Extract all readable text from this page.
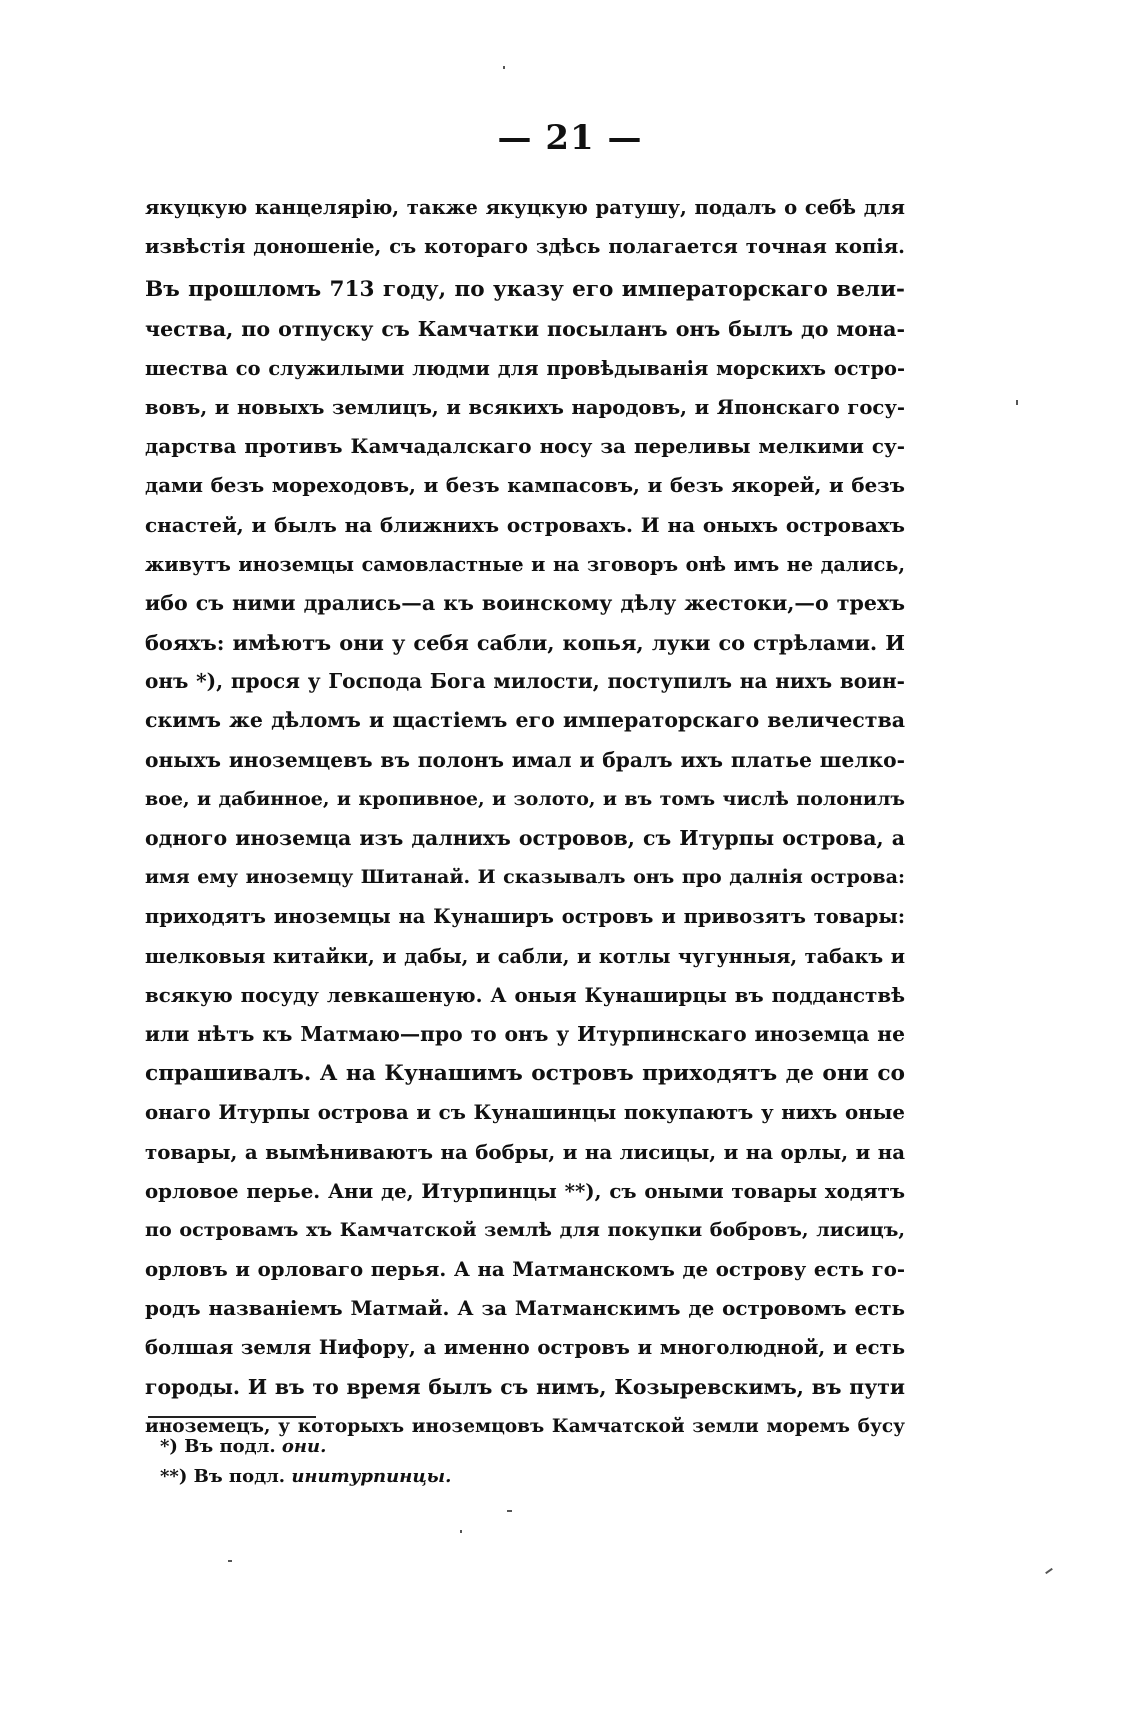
— 21 —
якуцкую канцелярію, также якуцкую ратушу, подалъ о себѣ для
извѣстія доношеніе, съ котораго здѣсь полагается точная копія.
Въ прошломъ 713 году, по указу его императорскаго вели-
чества, по отпуску съ Камчатки посыланъ онъ былъ до мона-
шества со служилыми людми для провѣдыванія морскихъ остро-
вовъ, и новыхъ землицъ, и всякихъ народовъ, и Японскаго госу-
дарства противъ Камчадалскаго носу за переливы мелкими су-
дами безъ мореходовъ, и безъ кампасовъ, и безъ якорей, и безъ
снастей, и былъ на ближнихъ островахъ. И на оныхъ островахъ
живутъ иноземцы самовластные и на зговоръ онѣ имъ не дались,
ибо съ ними дрались—а къ воинскому дѣлу жестоки,—о трехъ
бояхъ: имѣютъ они у себя сабли, копья, луки со стрѣлами. И
онъ *), прося у Господа Бога милости, поступилъ на нихъ воин-
скимъ же дѣломъ и щастіемъ его императорскаго величества
оныхъ иноземцевъ въ полонъ имал и бралъ ихъ платье шелко-
вое, и дабинное, и кропивное, и золото, и въ томъ числѣ полонилъ
одного иноземца изъ далнихъ островов, съ Итурпы острова, а
имя ему иноземцу Шитанай. И сказывалъ онъ про далнія острова:
приходятъ иноземцы на Кунаширъ островъ и привозятъ товары:
шелковыя китайки, и дабы, и сабли, и котлы чугунныя, табакъ и
всякую посуду левкашеную. А оныя Кунаширцы въ подданствѣ
или нѣтъ къ Матмаю—про то онъ у Итурпинскаго иноземца не
спрашивалъ. А на Кунашимъ островъ приходятъ де они со
онаго Итурпы острова и съ Кунашинцы покупаютъ у нихъ оные
товары, а вымѣниваютъ на бобры, и на лисицы, и на орлы, и на
орловое перье. Ани де, Итурпинцы **), съ оными товары ходятъ
по островамъ хъ Камчатской землѣ для покупки бобровъ, лисицъ,
орловъ и орловаго перья. А на Матманскомъ де острову есть го-
родъ названіемъ Матмай. А за Матманскимъ де островомъ есть
болшая земля Нифору, а именно островъ и многолюдной, и есть
городы. И въ то время былъ съ нимъ, Козыревскимъ, въ пути
иноземецъ, у которыхъ иноземцовъ Камчатской земли моремъ бусу
*) Въ подл. они.
**) Въ подл. инитурпинцы.
